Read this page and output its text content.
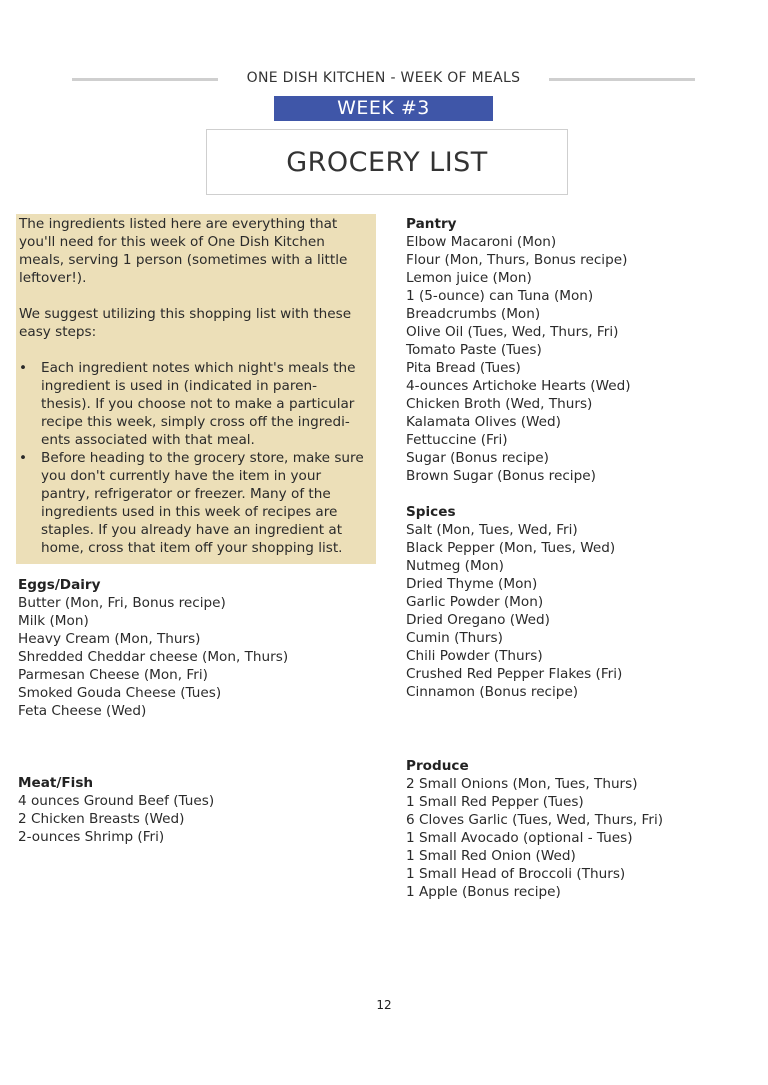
ONE DISH KITCHEN - WEEK OF MEALS
WEEK #3
GROCERY LIST

The ingredients listed here are everything that you'll need for this week of One Dish Kitchen meals, serving 1 person (sometimes with a little leftover!).

We suggest utilizing this shopping list with these easy steps:

• Each ingredient notes which night's meals the ingredient is used in (indicated in paren-thesis). If you choose not to make a particular recipe this week, simply cross off the ingredi-ents associated with that meal.
• Before heading to the grocery store, make sure you don't currently have the item in your pantry, refrigerator or freezer. Many of the ingredients used in this week of recipes are staples. If you already have an ingredient at home, cross that item off your shopping list.
Eggs/Dairy
Butter (Mon, Fri, Bonus recipe)
Milk (Mon)
Heavy Cream (Mon, Thurs)
Shredded Cheddar cheese (Mon, Thurs)
Parmesan Cheese (Mon, Fri)
Smoked Gouda Cheese (Tues)
Feta Cheese (Wed)
Meat/Fish
4 ounces Ground Beef (Tues)
2 Chicken Breasts (Wed)
2-ounces Shrimp (Fri)
Pantry
Elbow Macaroni (Mon)
Flour (Mon, Thurs, Bonus recipe)
Lemon juice (Mon)
1 (5-ounce) can Tuna (Mon)
Breadcrumbs (Mon)
Olive Oil (Tues, Wed, Thurs, Fri)
Tomato Paste (Tues)
Pita Bread (Tues)
4-ounces Artichoke Hearts (Wed)
Chicken Broth (Wed, Thurs)
Kalamata Olives (Wed)
Fettuccine (Fri)
Sugar (Bonus recipe)
Brown Sugar (Bonus recipe)
Spices
Salt (Mon, Tues, Wed, Fri)
Black Pepper (Mon, Tues, Wed)
Nutmeg (Mon)
Dried Thyme (Mon)
Garlic Powder (Mon)
Dried Oregano (Wed)
Cumin (Thurs)
Chili Powder (Thurs)
Crushed Red Pepper Flakes (Fri)
Cinnamon (Bonus recipe)
Produce
2 Small Onions (Mon, Tues, Thurs)
1 Small Red Pepper (Tues)
6 Cloves Garlic (Tues, Wed, Thurs, Fri)
1 Small Avocado (optional - Tues)
1 Small Red Onion (Wed)
1 Small Head of Broccoli (Thurs)
1 Apple (Bonus recipe)
12
